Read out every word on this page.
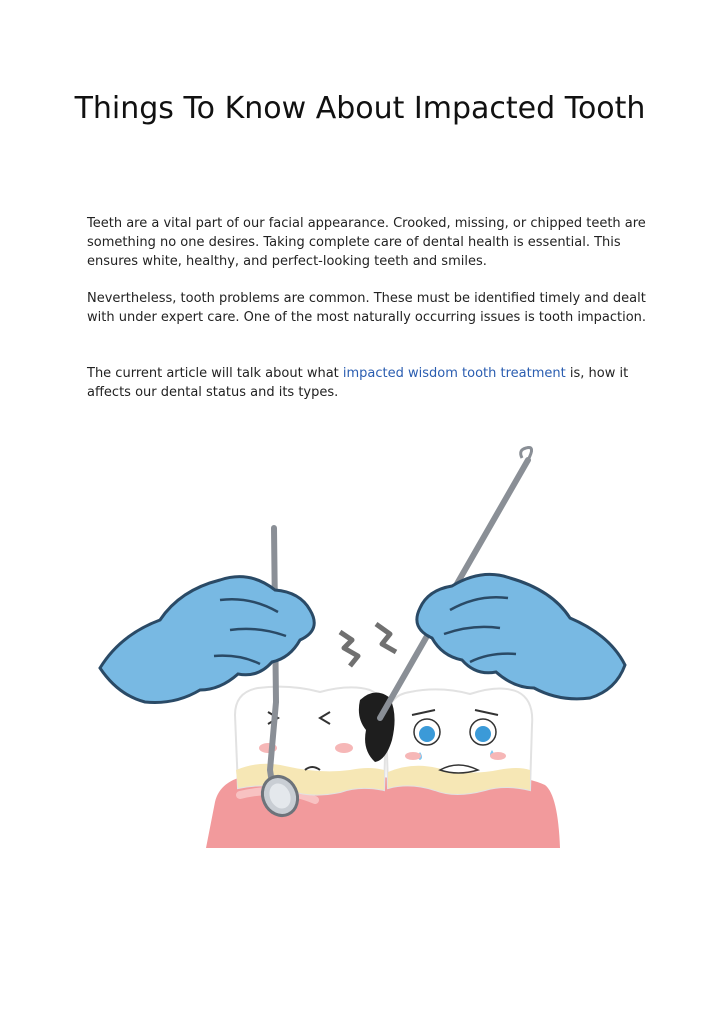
Things To Know About Impacted Tooth

Teeth are a vital part of our facial appearance. Crooked, missing, or chipped teeth are something no one desires. Taking complete care of dental health is essential. This ensures white, healthy, and perfect-looking teeth and smiles.

Nevertheless, tooth problems are common. These must be identified timely and dealt with under expert care. One of the most naturally occurring issues is tooth impaction.

The current article will talk about what impacted wisdom tooth treatment is, how it affects our dental status and its types.
